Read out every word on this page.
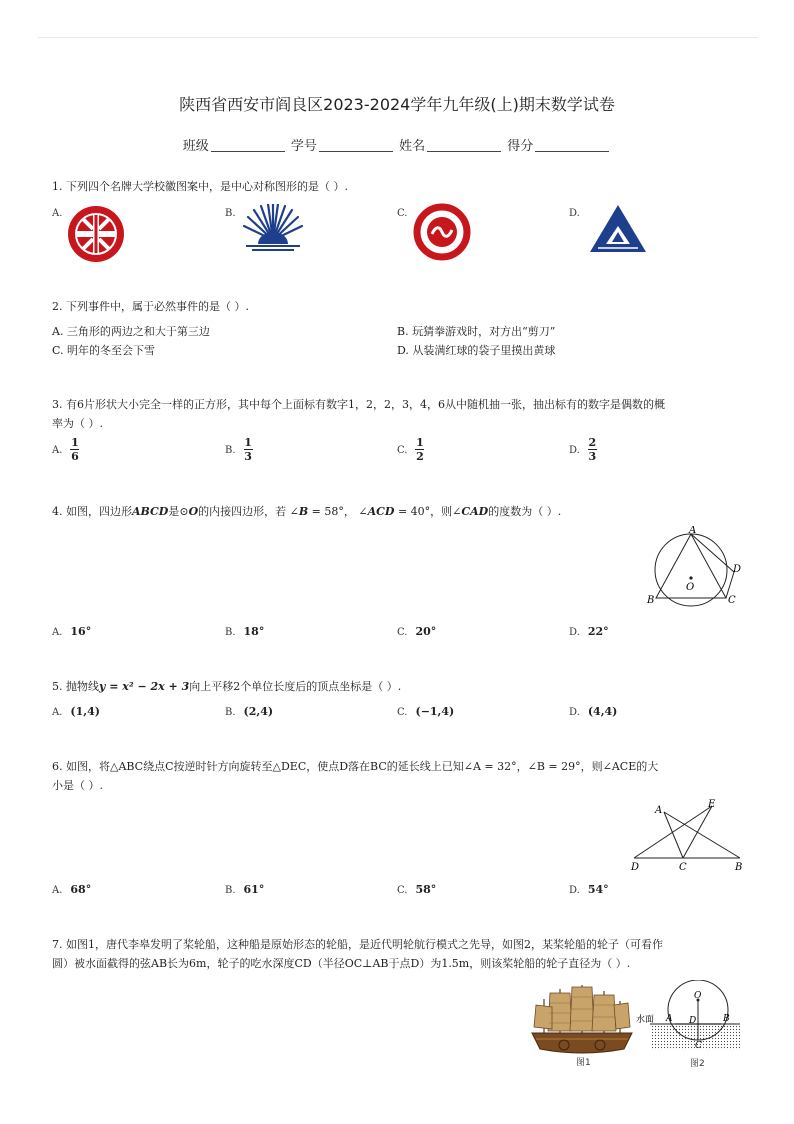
陕西省西安市阎良区2023-2024学年九年级(上)期末数学试卷
班级	学号	姓名	得分
1. 下列四个名牌大学校徽图案中，是中心对称图形的是（ ）.
A.	B.	C.	D.
2. 下列事件中，属于必然事件的是（ ）.
A. 三角形的两边之和大于第三边	B. 玩猜拳游戏时，对方出“剪刀”
C. 明年的冬至会下雪	D. 从装满红球的袋子里摸出黄球
3. 有6片形状大小完全一样的正方形，其中每个上面标有数字1，2，2，3，4，6从中随机抽一张，抽出标有的数字是偶数的概
率为（ ）.
A. $\frac{1}{6}$	B. $\frac{1}{3}$	C. $\frac{1}{2}$	D. $\frac{2}{3}$
4. 如图，四边形ABCD是⊙O的内接四边形，若 ∠B = 58°， ∠ACD = 40°，则∠CAD的度数为（ ）.
A
B	C
D
O
A. 16°	B. 18°	C. 20°	D. 22°
5. 抛物线y = x² − 2x + 3向上平移2个单位长度后的顶点坐标是（ ）.
A. (1,4)	B. (2,4)	C. (−1,4)	D. (4,4)
6. 如图，将△ABC绕点C按逆时针方向旋转至△DEC，使点D落在BC的延长线上已知∠A = 32°，∠B = 29°，则∠ACE的大
小是（ ）.
A
E
D	C	B
A. 68°	B. 61°	C. 58°	D. 54°
7. 如图1，唐代李皋发明了桨轮船，这种船是原始形态的轮船，是近代明轮航行模式之先导，如图2，某桨轮船的轮子（可看作
圆）被水面截得的弦AB长为6m，轮子的吃水深度CD（半径OC⊥AB于点D）为1.5m，则该桨轮船的轮子直径为（ ）.
图1
水面 A	B
O
D
C
图2
